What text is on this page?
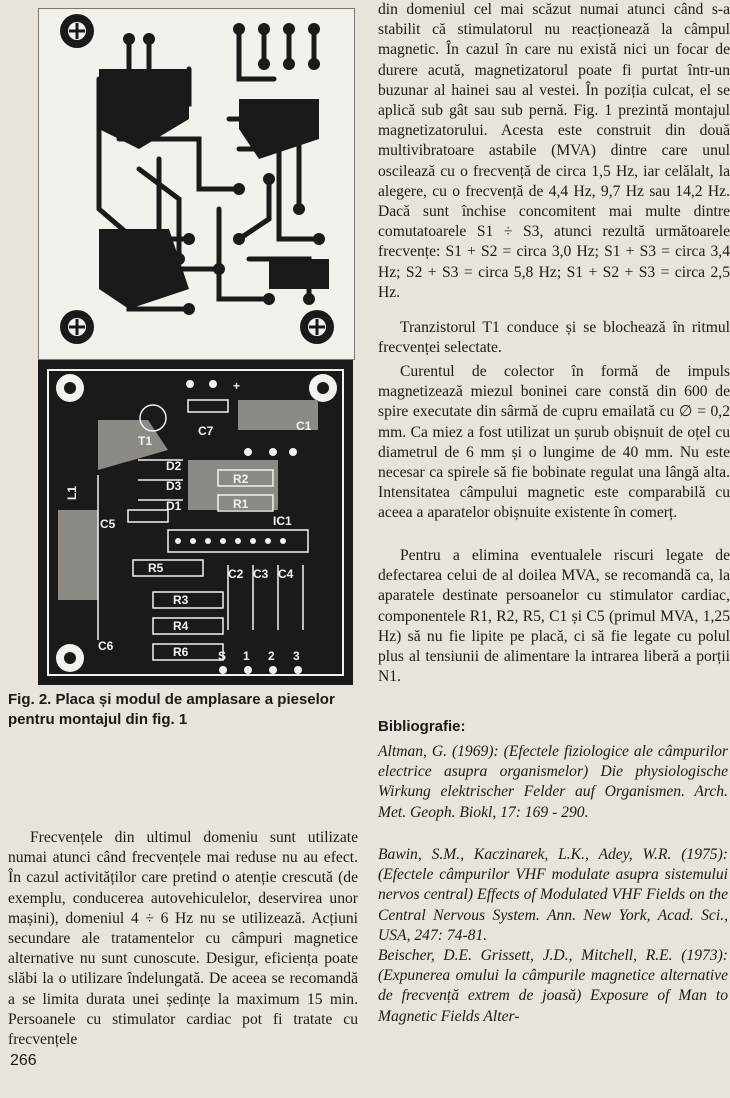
T1
L1
C7	C1
D2
D3
D1
R2
R1
C5	IC1
R5	C2 C3 C4
R3
R4
R6
C6
+
S 1 2 3
Fig. 2. Placa și modul de amplasare a pieselor pentru montajul din fig. 1

Frecvențele din ultimul domeniu sunt utilizate numai atunci când frecvențele mai reduse nu au efect. În cazul activităților care pretind o atenție crescută (de exemplu, conducerea autovehiculelor, deservirea unor mașini), domeniul 4 ÷ 6 Hz nu se utilizează. Acțiuni secundare ale tratamentelor cu câmpuri magnetice alternative nu sunt cunoscute. Desigur, eficiența poate slăbi la o utilizare îndelungată. De aceea se recomandă a se limita durata unei ședințe la maximum 15 min. Persoanele cu stimulator cardiac pot fi tratate cu frecvențele

266

din domeniul cel mai scăzut numai atunci când s-a stabilit că stimulatorul nu reacționează la câmpul magnetic. În cazul în care nu există nici un focar de durere acută, magnetizatorul poate fi purtat într-un buzunar al hainei sau al vestei. În poziția culcat, el se aplică sub gât sau sub pernă. Fig. 1 prezintă montajul magnetizatorului. Acesta este construit din două multivibratoare astabile (MVA) dintre care unul oscilează cu o frecvență de circa 1,5 Hz, iar celălalt, la alegere, cu o frecvență de 4,4 Hz, 9,7 Hz sau 14,2 Hz. Dacă sunt închise concomitent mai multe dintre comutatoarele S1 ÷ S3, atunci rezultă următoarele frecvențe: S1 + S2 = circa 3,0 Hz; S1 + S3 = circa 3,4 Hz; S2 + S3 = circa 5,8 Hz; S1 + S2 + S3 = circa 2,5 Hz.

Tranzistorul T1 conduce și se blochează în ritmul frecvenței selectate.

Curentul de colector în formă de impuls magnetizează miezul boninei care constă din 600 de spire executate din sârmă de cupru emailată cu ∅ = 0,2 mm. Ca miez a fost utilizat un șurub obișnuit de oțel cu diametrul de 6 mm și o lungime de 40 mm. Nu este necesar ca spirele să fie bobinate regulat una lângă alta. Intensitatea câmpului magnetic este comparabilă cu aceea a aparatelor obișnuite existente în comerț.

Pentru a elimina eventualele riscuri legate de defectarea celui de al doilea MVA, se recomandă ca, la aparatele destinate persoanelor cu stimulator cardiac, componentele R1, R2, R5, C1 și C5 (primul MVA, 1,25 Hz) să nu fie lipite pe placă, ci să fie legate cu polul plus al tensiunii de alimentare la intrarea liberă a porții N1.

Bibliografie:

Altman, G. (1969): (Efectele fiziologice ale câmpurilor electrice asupra organismelor) Die physiologische Wirkung elektrischer Felder auf Organismen. Arch. Met. Geoph. Biokl, 17: 169 - 290.

Bawin, S.M., Kaczinarek, L.K., Adey, W.R. (1975): (Efectele câmpurilor VHF modulate asupra sistemului nervos central) Effects of Modulated VHF Fields on the Central Nervous System. Ann. New York, Acad. Sci., USA, 247: 74-81.

Beischer, D.E. Grissett, J.D., Mitchell, R.E. (1973): (Expunerea omului la câmpurile magnetice alternative de frecvență extrem de joasă) Exposure of Man to Magnetic Fields Alter-
